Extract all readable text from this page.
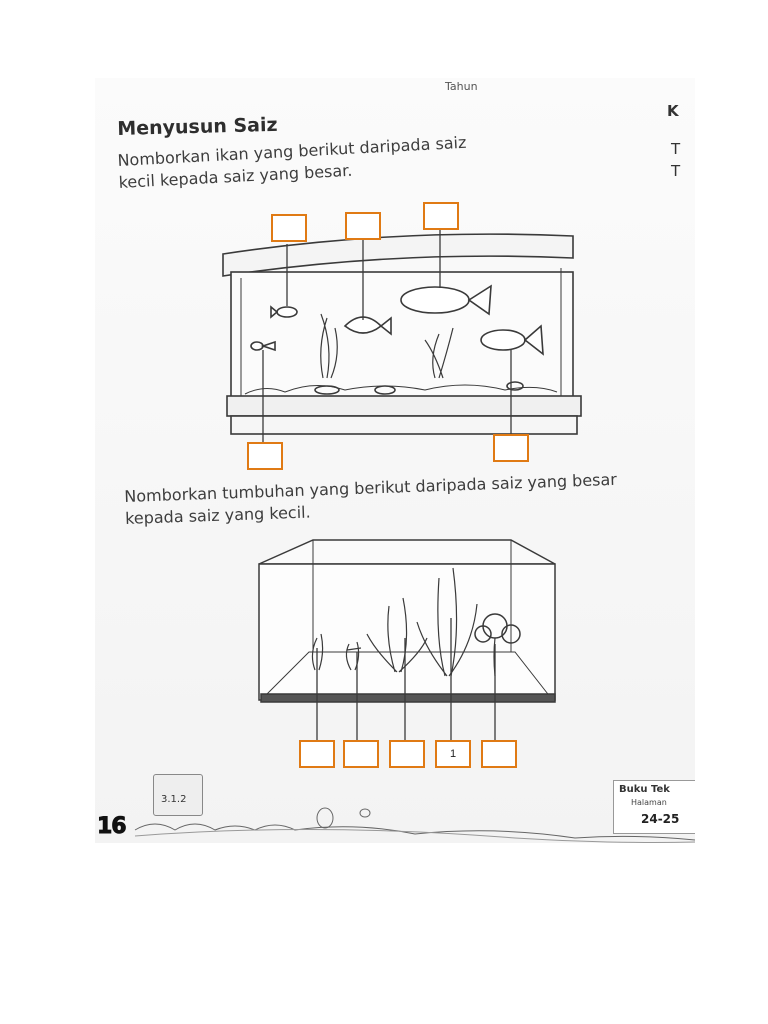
Tahun
K
T
T
Menyusun Saiz
Nomborkan ikan yang berikut daripada saiz kecil kepada saiz yang besar.
Nomborkan tumbuhan yang berikut daripada saiz yang besar kepada saiz yang kecil.
1
3.1.2
16
Buku Tek
Halaman
24-25
